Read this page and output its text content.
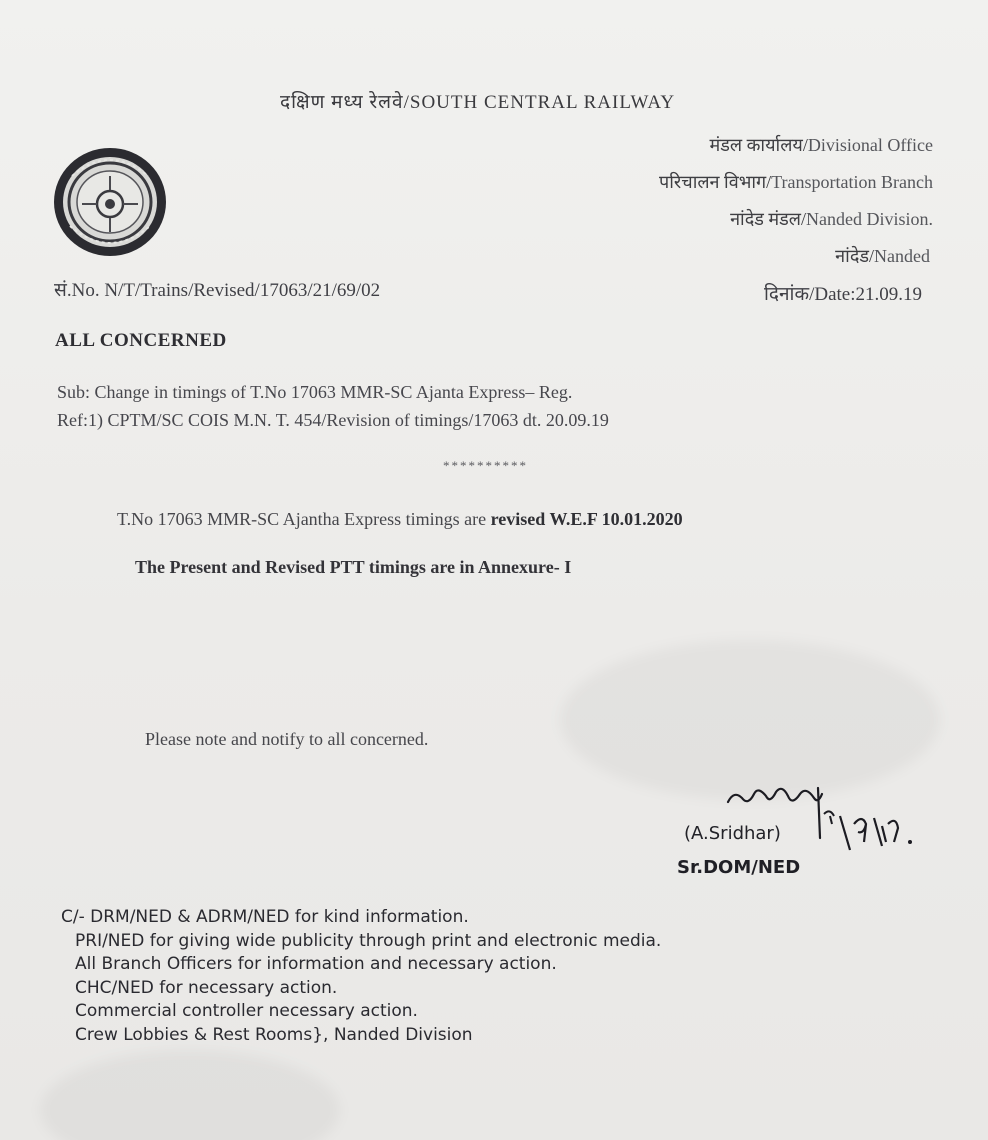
दक्षिण मध्य रेलवे/SOUTH CENTRAL RAILWAY
मंडल कार्यालय/Divisional Office
परिचालन विभाग/Transportation Branch
नांदेड मंडल/Nanded Division.
नांदेड/Nanded
सं.No. N/T/Trains/Revised/17063/21/69/02	दिनांक/Date:21.09.19
ALL CONCERNED
Sub: Change in timings of T.No 17063 MMR-SC Ajanta Express– Reg.
Ref:1) CPTM/SC COIS M.N. T. 454/Revision of timings/17063 dt. 20.09.19
**********
T.No 17063 MMR-SC Ajantha Express timings are revised W.E.F 10.01.2020
The Present and Revised PTT timings are in Annexure- I
Please note and notify to all concerned.
(A.Sridhar)
Sr.DOM/NED
C/- DRM/NED & ADRM/NED for kind information.
PRI/NED for giving wide publicity through print and electronic media.
All Branch Officers for information and necessary action.
CHC/NED for necessary action.
Commercial controller necessary action.
Crew Lobbies & Rest Rooms}, Nanded Division
